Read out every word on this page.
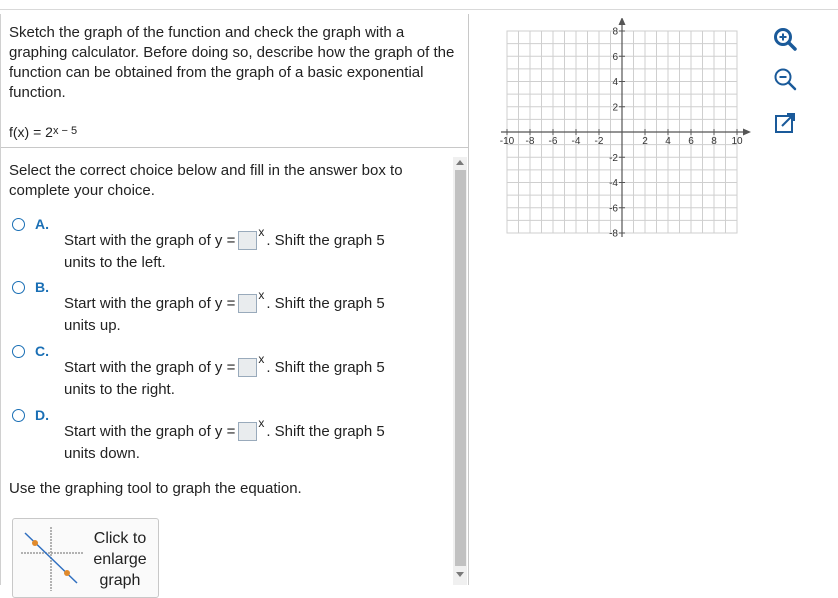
Sketch the graph of the function and check the graph with a graphing calculator. Before doing so, describe how the graph of the function can be obtained from the graph of a basic exponential function.
$f(x) = 2^{x - 5}$
Select the correct choice below and fill in the answer box to complete your choice.
A.
Start with the graph of y = $^x$ . Shift the graph 5
units to the left.
B.
Start with the graph of y = $^x$ . Shift the graph 5
units up.
C.
Start with the graph of y = $^x$ . Shift the graph 5
units to the right.
D.
Start with the graph of y = $^x$ . Shift the graph 5
units down.
Use the graphing tool to graph the equation.
Click to enlarge graph
-10 -8 -6 -4 -2	2 4 6 8 10
8
6
4
2
-2
-4
-6
-8
